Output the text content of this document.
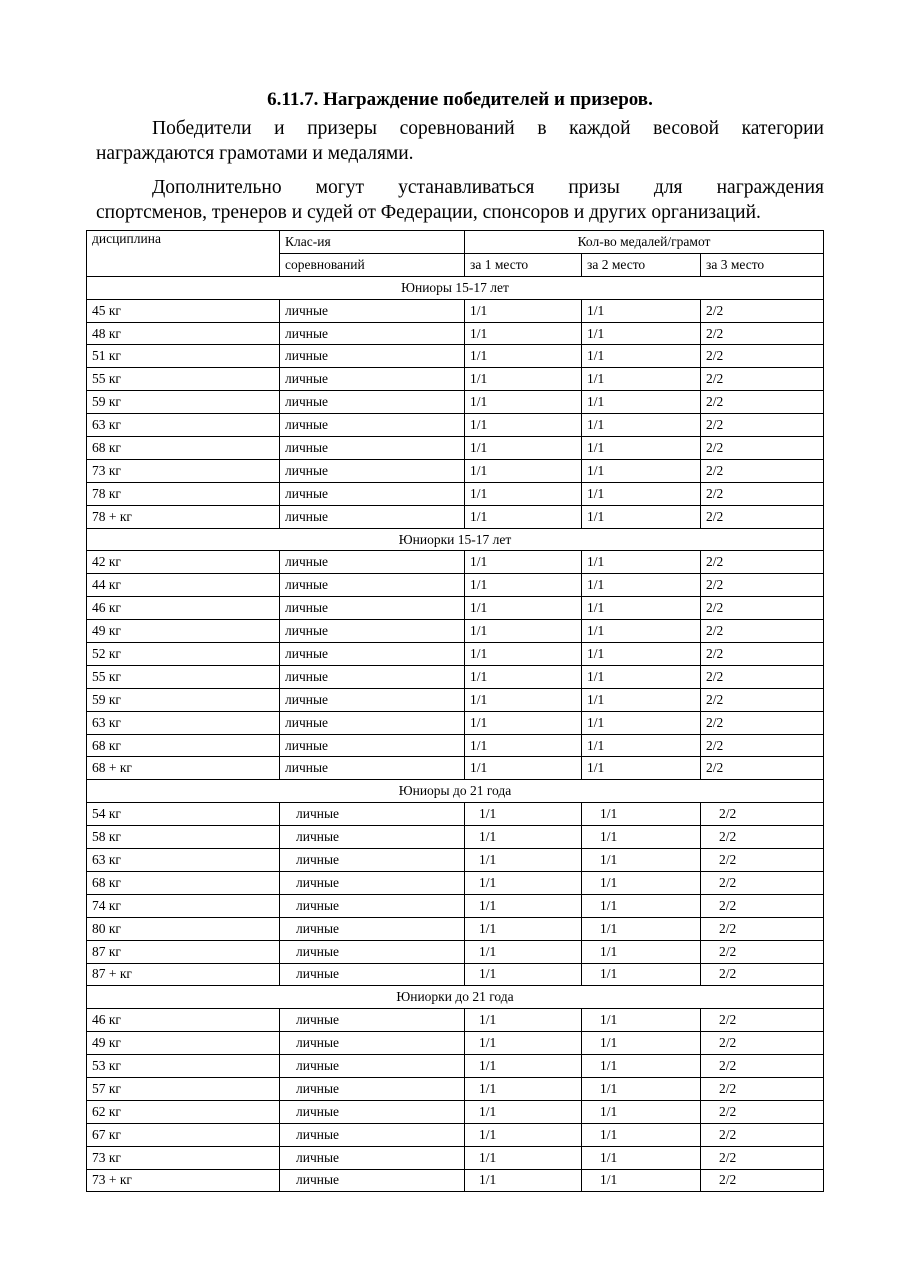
6.11.7. Награждение победителей и призеров.
Победители и призеры соревнований в каждой весовой категории
награждаются грамотами и медалями.
Дополнительно могут устанавливаться призы для награждения
спортсменов, тренеров и судей от Федерации, спонсоров и других организаций.
дисциплина	Клас-ия	Кол-во медалей/грамот		
	соревнований	за 1 место	за 2 место	за 3 место
Юниоры 15-17 лет				
45 кг	личные	1/1	1/1	2/2
48 кг	личные	1/1	1/1	2/2
51 кг	личные	1/1	1/1	2/2
55 кг	личные	1/1	1/1	2/2
59 кг	личные	1/1	1/1	2/2
63 кг	личные	1/1	1/1	2/2
68 кг	личные	1/1	1/1	2/2
73 кг	личные	1/1	1/1	2/2
78 кг	личные	1/1	1/1	2/2
78 + кг	личные	1/1	1/1	2/2
Юниорки 15-17 лет				
42 кг	личные	1/1	1/1	2/2
44 кг	личные	1/1	1/1	2/2
46 кг	личные	1/1	1/1	2/2
49 кг	личные	1/1	1/1	2/2
52 кг	личные	1/1	1/1	2/2
55 кг	личные	1/1	1/1	2/2
59 кг	личные	1/1	1/1	2/2
63 кг	личные	1/1	1/1	2/2
68 кг	личные	1/1	1/1	2/2
68 + кг	личные	1/1	1/1	2/2
Юниоры до 21 года				
54 кг	личные	1/1	1/1	2/2
58 кг	личные	1/1	1/1	2/2
63 кг	личные	1/1	1/1	2/2
68 кг	личные	1/1	1/1	2/2
74 кг	личные	1/1	1/1	2/2
80 кг	личные	1/1	1/1	2/2
87 кг	личные	1/1	1/1	2/2
87 + кг	личные	1/1	1/1	2/2
Юниорки до 21 года				
46 кг	личные	1/1	1/1	2/2
49 кг	личные	1/1	1/1	2/2
53 кг	личные	1/1	1/1	2/2
57 кг	личные	1/1	1/1	2/2
62 кг	личные	1/1	1/1	2/2
67 кг	личные	1/1	1/1	2/2
73 кг	личные	1/1	1/1	2/2
73 + кг	личные	1/1	1/1	2/2
